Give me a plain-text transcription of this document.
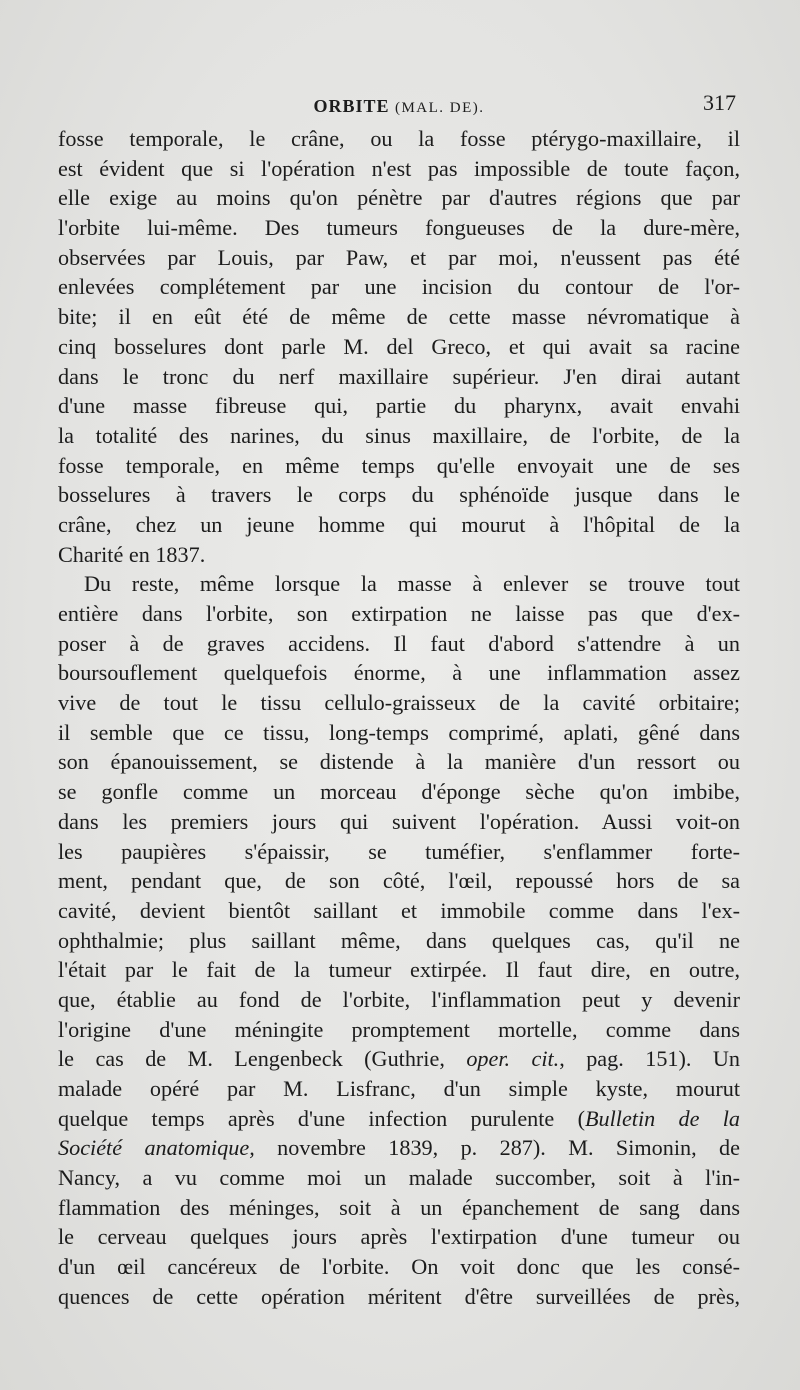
ORBITE (MAL. DE).	317
fosse temporale, le crâne, ou la fosse ptérygo-maxillaire, il
est évident que si l'opération n'est pas impossible de toute façon,
elle exige au moins qu'on pénètre par d'autres régions que par
l'orbite lui-même. Des tumeurs fongueuses de la dure-mère,
observées par Louis, par Paw, et par moi, n'eussent pas été
enlevées complétement par une incision du contour de l'or-
bite; il en eût été de même de cette masse névromatique à
cinq bosselures dont parle M. del Greco, et qui avait sa racine
dans le tronc du nerf maxillaire supérieur. J'en dirai autant
d'une masse fibreuse qui, partie du pharynx, avait envahi
la totalité des narines, du sinus maxillaire, de l'orbite, de la
fosse temporale, en même temps qu'elle envoyait une de ses
bosselures à travers le corps du sphénoïde jusque dans le
crâne, chez un jeune homme qui mourut à l'hôpital de la
Charité en 1837.
Du reste, même lorsque la masse à enlever se trouve tout
entière dans l'orbite, son extirpation ne laisse pas que d'ex-
poser à de graves accidens. Il faut d'abord s'attendre à un
boursouflement quelquefois énorme, à une inflammation assez
vive de tout le tissu cellulo-graisseux de la cavité orbitaire;
il semble que ce tissu, long-temps comprimé, aplati, gêné dans
son épanouissement, se distende à la manière d'un ressort ou
se gonfle comme un morceau d'éponge sèche qu'on imbibe,
dans les premiers jours qui suivent l'opération. Aussi voit-on
les paupières s'épaissir, se tuméfier, s'enflammer forte-
ment, pendant que, de son côté, l'œil, repoussé hors de sa
cavité, devient bientôt saillant et immobile comme dans l'ex-
ophthalmie; plus saillant même, dans quelques cas, qu'il ne
l'était par le fait de la tumeur extirpée. Il faut dire, en outre,
que, établie au fond de l'orbite, l'inflammation peut y devenir
l'origine d'une méningite promptement mortelle, comme dans
le cas de M. Lengenbeck (Guthrie, oper. cit., pag. 151). Un
malade opéré par M. Lisfranc, d'un simple kyste, mourut
quelque temps après d'une infection purulente (Bulletin de la
Société anatomique, novembre 1839, p. 287). M. Simonin, de
Nancy, a vu comme moi un malade succomber, soit à l'in-
flammation des méninges, soit à un épanchement de sang dans
le cerveau quelques jours après l'extirpation d'une tumeur ou
d'un œil cancéreux de l'orbite. On voit donc que les consé-
quences de cette opération méritent d'être surveillées de près,
